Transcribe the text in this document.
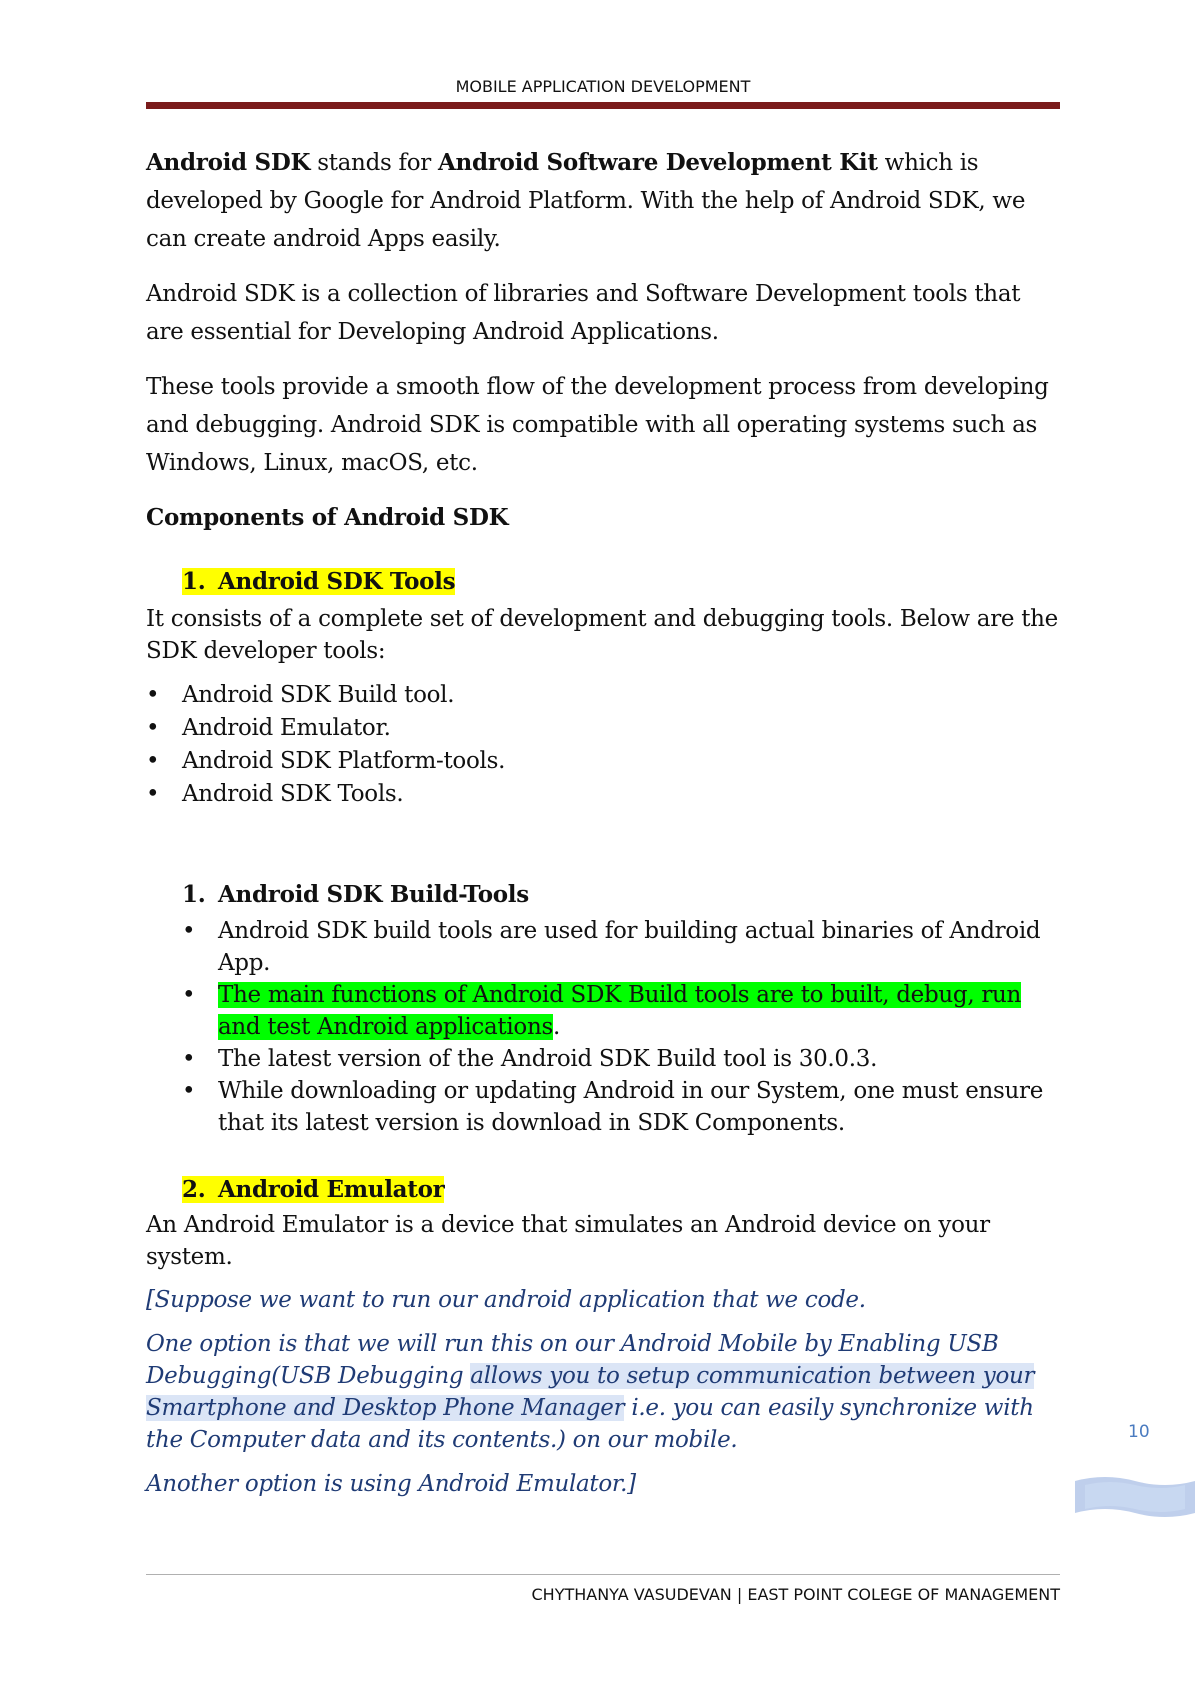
MOBILE APPLICATION DEVELOPMENT

Android SDK stands for Android Software Development Kit which is developed by Google for Android Platform. With the help of Android SDK, we can create android Apps easily.

Android SDK is a collection of libraries and Software Development tools that are essential for Developing Android Applications.

These tools provide a smooth flow of the development process from developing and debugging. Android SDK is compatible with all operating systems such as Windows, Linux, macOS, etc.

Components of Android SDK

1. Android SDK Tools

It consists of a complete set of development and debugging tools. Below are the SDK developer tools:

• Android SDK Build tool.
• Android Emulator.
• Android SDK Platform-tools.
• Android SDK Tools.

1. Android SDK Build-Tools

• Android SDK build tools are used for building actual binaries of Android App.
• The main functions of Android SDK Build tools are to built, debug, run and test Android applications.
• The latest version of the Android SDK Build tool is 30.0.3.
• While downloading or updating Android in our System, one must ensure that its latest version is download in SDK Components.

2. Android Emulator

An Android Emulator is a device that simulates an Android device on your system.

[Suppose we want to run our android application that we code.

One option is that we will run this on our Android Mobile by Enabling USB Debugging(USB Debugging allows you to setup communication between your Smartphone and Desktop Phone Manager i.e. you can easily synchronize with the Computer data and its contents.) on our mobile.

Another option is using Android Emulator.]

10
CHYTHANYA VASUDEVAN | EAST POINT COLEGE OF MANAGEMENT
